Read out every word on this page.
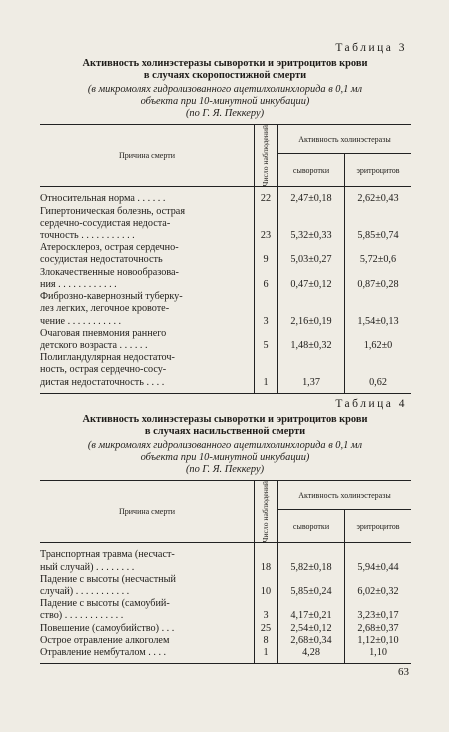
Таблица 3
Активность холинэстеразы сыворотки и эритроцитов крови
в случаях скоропостижной смерти
(в микромолях гидролизованного ацетилхолинхлорида в 0,1 мл
объекта при 10-минутной инкубации)
(по Г. Я. Пеккеру)
Причина смерти	Число наблюдений	Активность холинэстеразы	
		сыворотки	эритроцитов

Относительная норма . . . . . .	22	2,47±0,18	2,62±0,43

Гипертоническая болезнь, острая
сердечно-сосудистая недоста-
точность . . . . . . . . . . .	23	5,32±0,33	5,85±0,74

Атеросклероз, острая сердечно-
сосудистая недостаточность	9	5,03±0,27	5,72±0,6

Злокачественные новообразова-
ния . . . . . . . . . . . .	6	0,47±0,12	0,87±0,28

Фиброзно-кавернозный туберку-
лез легких, легочное кровоте-
чение . . . . . . . . . . .	3	2,16±0,19	1,54±0,13

Очаговая пневмония раннего
детского возраста . . . . . .	5	1,48±0,32	1,62±0

Полигландулярная недостаточ-
ность, острая сердечно-сосу-
дистая недостаточность . . . .	1	1,37	0,62
Таблица 4
Активность холинэстеразы сыворотки и эритроцитов крови
в случаях насильственной смерти
(в микромолях гидролизованного ацетилхолинхлорида в 0,1 мл
объекта при 10-минутной инкубации)
(по Г. Я. Пеккеру)
Причина смерти	Число наблюдений	Активность холинэстеразы	
		сыворотки	эритроцитов

Транспортная травма (несчаст-
ный случай) . . . . . . . .	18	5,82±0,18	5,94±0,44

Падение с высоты (несчастный
случай) . . . . . . . . . . .	10	5,85±0,24	6,02±0,32

Падение с высоты (самоубий-
ство) . . . . . . . . . . . .	3	4,17±0,21	3,23±0,17

Повешение (самоубийство) . . .	25	2,54±0,12	2,68±0,37

Острое отравление алкоголем	8	2,68±0,34	1,12±0,10

Отравление нембуталом . . . .	1	4,28	1,10
63
